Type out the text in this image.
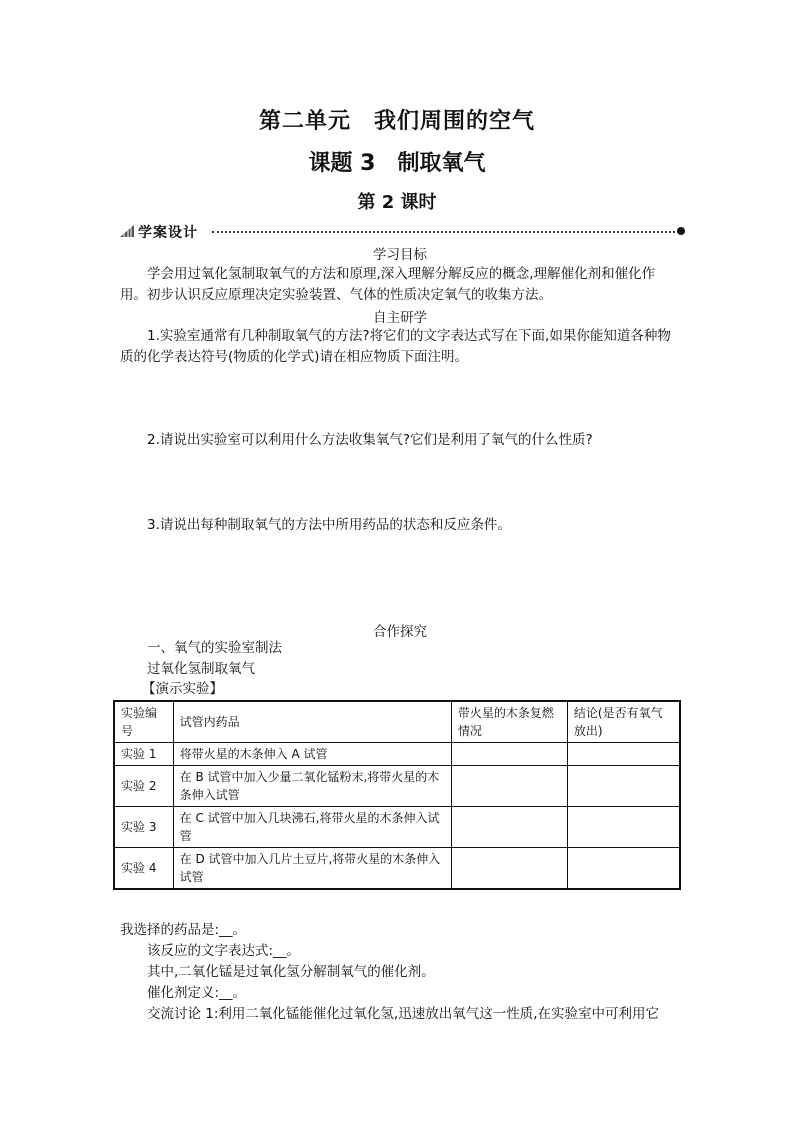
第二单元　我们周围的空气
课题 3　制取氧气
第 2 课时
学案设计
学习目标
学会用过氧化氢制取氧气的方法和原理,深入理解分解反应的概念,理解催化剂和催化作用。初步认识反应原理决定实验装置、气体的性质决定氧气的收集方法。
自主研学
1.实验室通常有几种制取氧气的方法?将它们的文字表达式写在下面,如果你能知道各种物质的化学表达符号(物质的化学式)请在相应物质下面注明。
2.请说出实验室可以利用什么方法收集氧气?它们是利用了氧气的什么性质?
3.请说出每种制取氧气的方法中所用药品的状态和反应条件。
合作探究
一、氧气的实验室制法
过氧化氢制取氧气
【演示实验】
实验编号	试管内药品	带火星的木条复燃情况	结论(是否有氧气放出)
实验 1	将带火星的木条伸入 A 试管		
实验 2	在 B 试管中加入少量二氧化锰粉末,将带火星的木条伸入试管		
实验 3	在 C 试管中加入几块沸石,将带火星的木条伸入试管		
实验 4	在 D 试管中加入几片土豆片,将带火星的木条伸入试管		
我选择的药品是:__。
该反应的文字表达式:__。
其中,二氧化锰是过氧化氢分解制氧气的催化剂。
催化剂定义:__。
交流讨论 1:利用二氧化锰能催化过氧化氢,迅速放出氧气这一性质,在实验室中可利用它
